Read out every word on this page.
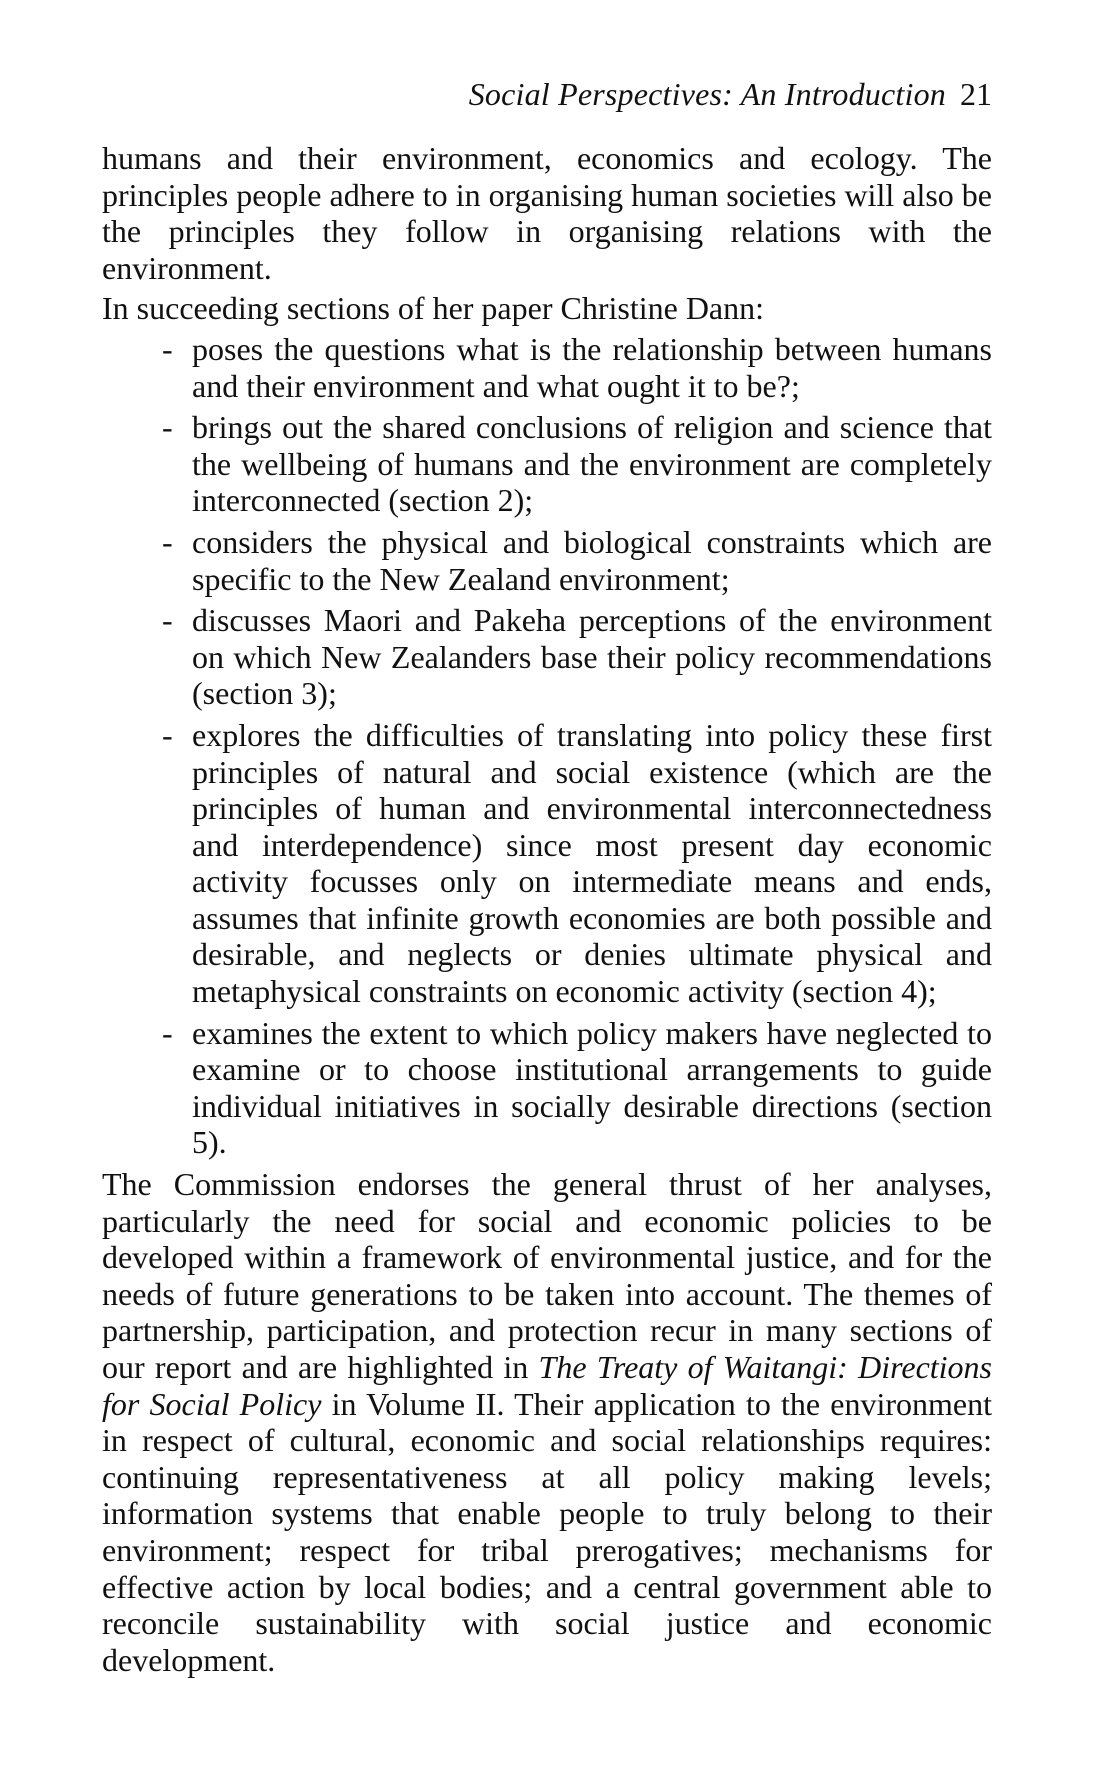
Social Perspectives: An Introduction 21

humans and their environment, economics and ecology. The principles people adhere to in organising human societies will also be the principles they follow in organising relations with the environment.

In succeeding sections of her paper Christine Dann:

- poses the questions what is the relationship between humans and their environment and what ought it to be?;
- brings out the shared conclusions of religion and science that the wellbeing of humans and the environment are completely interconnected (section 2);
- considers the physical and biological constraints which are specific to the New Zealand environment;
- discusses Maori and Pakeha perceptions of the environment on which New Zealanders base their policy recommendations (section 3);
- explores the difficulties of translating into policy these first principles of natural and social existence (which are the principles of human and environmental interconnectedness and interdependence) since most present day economic activity focusses only on intermediate means and ends, assumes that infinite growth economies are both possible and desirable, and neglects or denies ultimate physical and metaphysical constraints on economic activity (section 4);
- examines the extent to which policy makers have neglected to examine or to choose institutional arrangements to guide individual initiatives in socially desirable directions (section 5).

The Commission endorses the general thrust of her analyses, particularly the need for social and economic policies to be developed within a framework of environmental justice, and for the needs of future generations to be taken into account. The themes of partnership, participation, and protection recur in many sections of our report and are highlighted in The Treaty of Waitangi: Directions for Social Policy in Volume II. Their application to the environment in respect of cultural, economic and social relationships requires: continuing representativeness at all policy making levels; information systems that enable people to truly belong to their environment; respect for tribal prerogatives; mechanisms for effective action by local bodies; and a central government able to reconcile sustainability with social justice and economic development.
